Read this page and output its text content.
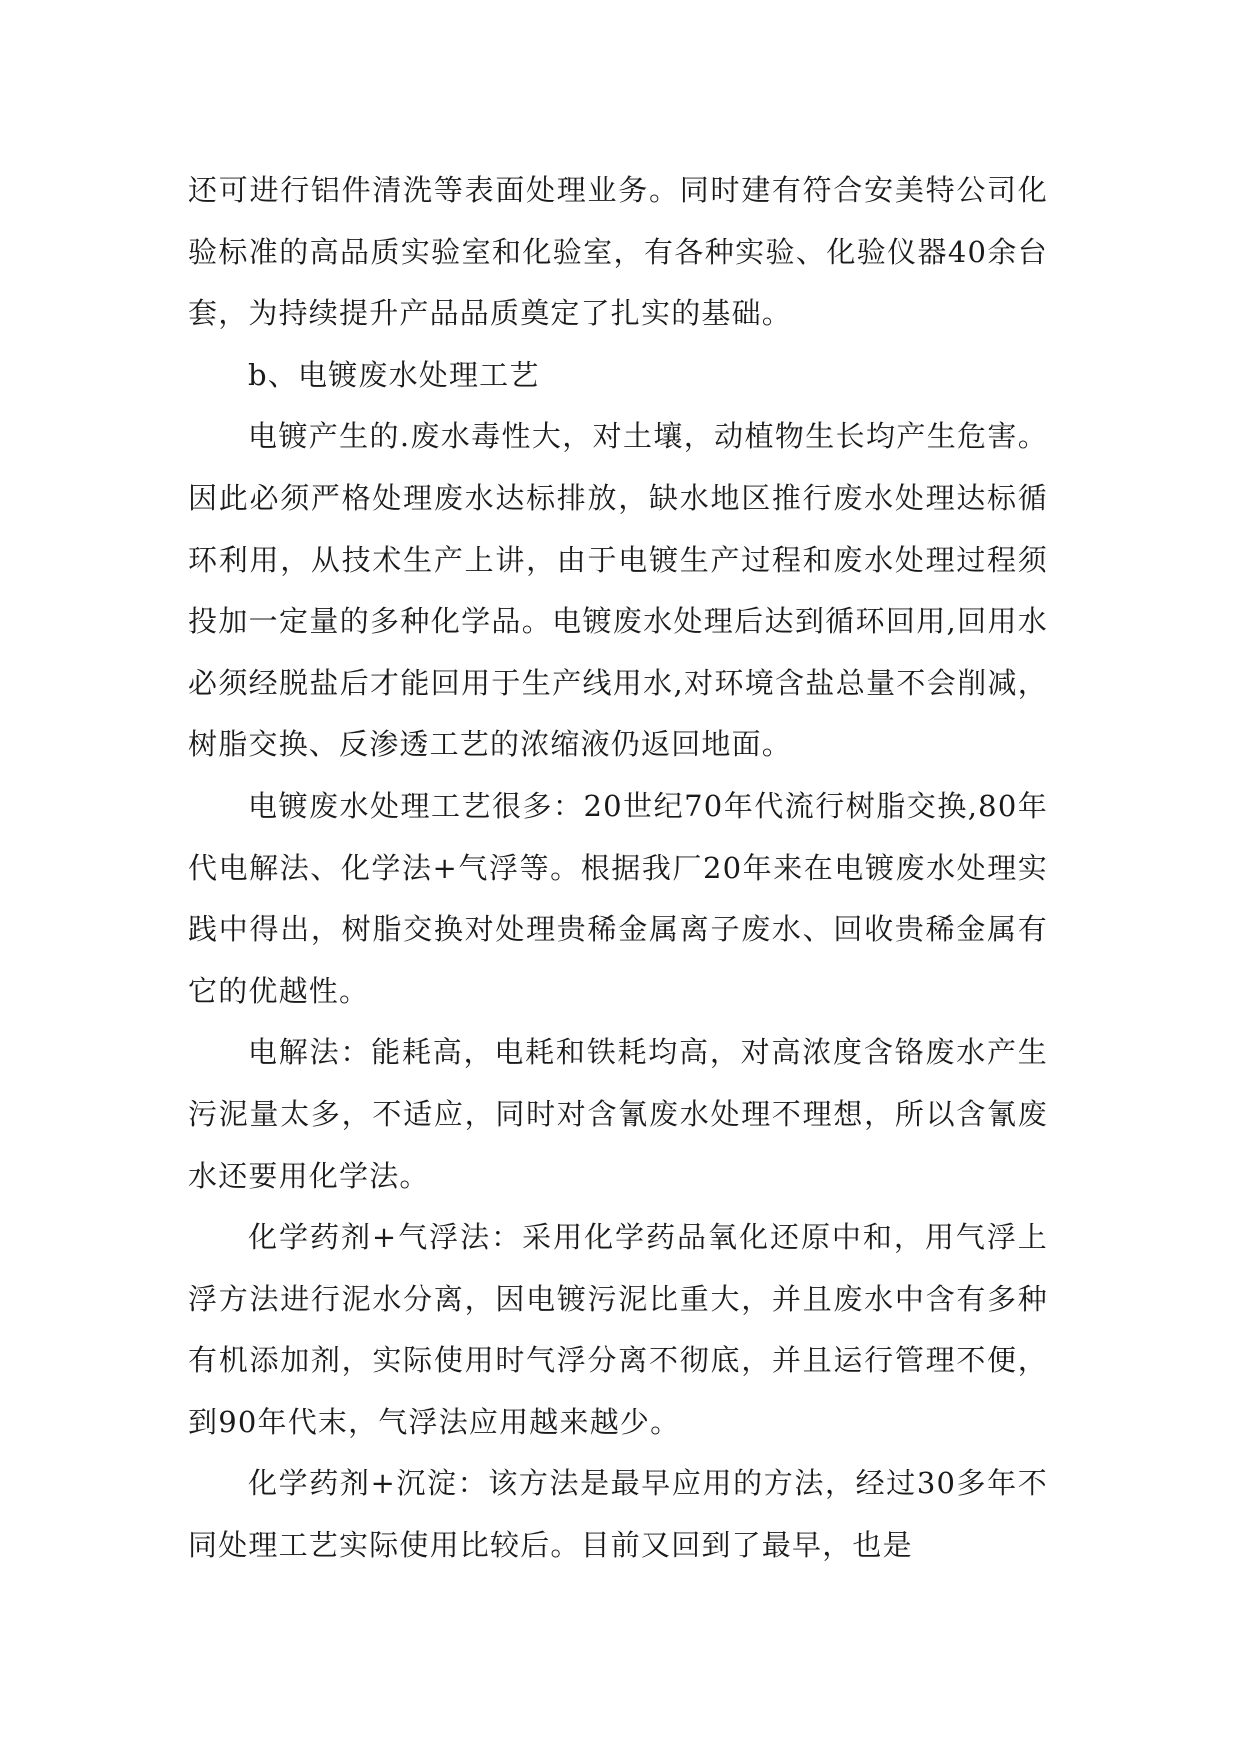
还可进行铝件清洗等表面处理业务。同时建有符合安美特公司化验标准的高品质实验室和化验室，有各种实验、化验仪器40余台套，为持续提升产品品质奠定了扎实的基础。

b、电镀废水处理工艺

电镀产生的.废水毒性大，对土壤，动植物生长均产生危害。因此必须严格处理废水达标排放，缺水地区推行废水处理达标循环利用，从技术生产上讲，由于电镀生产过程和废水处理过程须投加一定量的多种化学品。电镀废水处理后达到循环回用,回用水必须经脱盐后才能回用于生产线用水,对环境含盐总量不会削减，树脂交换、反渗透工艺的浓缩液仍返回地面。

电镀废水处理工艺很多：20世纪70年代流行树脂交换,80年代电解法、化学法+气浮等。根据我厂20年来在电镀废水处理实践中得出，树脂交换对处理贵稀金属离子废水、回收贵稀金属有它的优越性。

电解法：能耗高，电耗和铁耗均高，对高浓度含铬废水产生污泥量太多，不适应，同时对含氰废水处理不理想，所以含氰废水还要用化学法。

化学药剂+气浮法：采用化学药品氧化还原中和，用气浮上浮方法进行泥水分离，因电镀污泥比重大，并且废水中含有多种有机添加剂，实际使用时气浮分离不彻底，并且运行管理不便，到90年代末，气浮法应用越来越少。

化学药剂+沉淀：该方法是最早应用的方法，经过30多年不同处理工艺实际使用比较后。目前又回到了最早，也是
